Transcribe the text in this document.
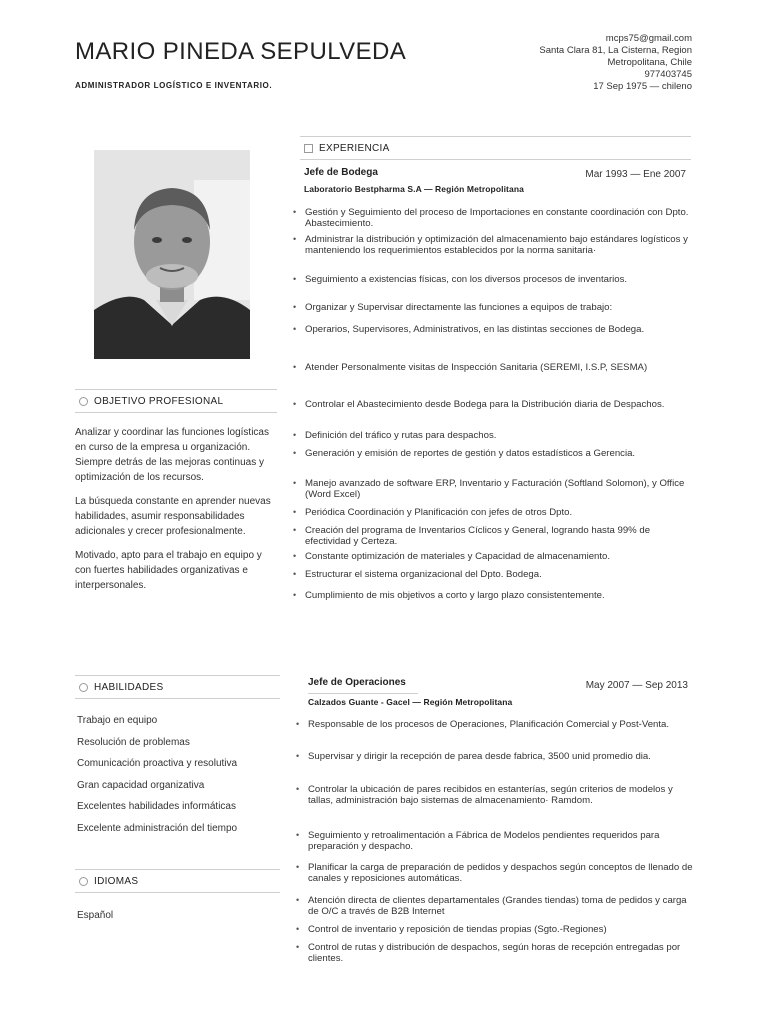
MARIO PINEDA SEPULVEDA
ADMINISTRADOR LOGÍSTICO E INVENTARIO.
mcps75@gmail.com
Santa Clara 81, La Cisterna, Region
Metropolitana, Chile
977403745
17 Sep 1975 — chileno
OBJETIVO PROFESIONAL

Analizar y coordinar las funciones logísticas en curso de la empresa u organización. Siempre detrás de las mejoras continuas y optimización de los recursos.

La búsqueda constante en aprender nuevas habilidades, asumir responsabilidades adicionales y crecer profesionalmente.

Motivado, apto para el trabajo en equipo y con fuertes habilidades organizativas e interpersonales.

HABILIDADES
Trabajo en equipo
Resolución de problemas
Comunicación proactiva y resolutiva
Gran capacidad organizativa
Excelentes habilidades informáticas
Excelente administración del tiempo
IDIOMAS
Español
EXPERIENCIA
Jefe de Bodega	Mar 1993 — Ene 2007
Laboratorio Bestpharma S.A — Región Metropolitana
• Gestión y Seguimiento del proceso de Importaciones en constante coordinación con Dpto. Abastecimiento.
• Administrar la distribución y optimización del almacenamiento bajo estándares logísticos y manteniendo los requerimientos establecidos por la norma sanitaria·
• Seguimiento a existencias físicas, con los diversos procesos de inventarios.
• Organizar y Supervisar directamente las funciones a equipos de trabajo:
• Operarios, Supervisores, Administrativos, en las distintas secciones de Bodega.
• Atender Personalmente visitas de Inspección Sanitaria (SEREMI, I.S.P, SESMA)
• Controlar el Abastecimiento desde Bodega para la Distribución diaria de Despachos.
• Definición del tráfico y rutas para despachos.
• Generación y emisión de reportes de gestión y datos estadísticos a Gerencia.
• Manejo avanzado de software ERP, Inventario y Facturación (Softland Solomon), y Office (Word Excel)
• Periódica Coordinación y Planificación con jefes de otros Dpto.
• Creación del programa de Inventarios Cíclicos y General, logrando hasta 99% de efectividad y Certeza.
• Constante optimización de materiales y Capacidad de almacenamiento.
• Estructurar el sistema organizacional del Dpto. Bodega.
• Cumplimiento de mis objetivos a corto y largo plazo consistentemente.
Jefe de Operaciones	May 2007 — Sep 2013
Calzados Guante - Gacel — Región Metropolitana
• Responsable de los procesos de Operaciones, Planificación Comercial y Post-Venta.
• Supervisar y dirigir la recepción de parea desde fabrica, 3500 unid promedio dia.
• Controlar la ubicación de pares recibidos en estanterías, según criterios de modelos y tallas, administración bajo sistemas de almacenamiento· Ramdom.
• Seguimiento y retroalimentación a Fábrica de Modelos pendientes requeridos para preparación y despacho.
• Planificar la carga de preparación de pedidos y despachos según conceptos de llenado de canales y reposiciones automáticas.
• Atención directa de clientes departamentales (Grandes tiendas) toma de pedidos y carga de O/C a través de B2B Internet
• Control de inventario y reposición de tiendas propias (Sgto.-Regiones)
• Control de rutas y distribución de despachos, según horas de recepción entregadas por clientes.
